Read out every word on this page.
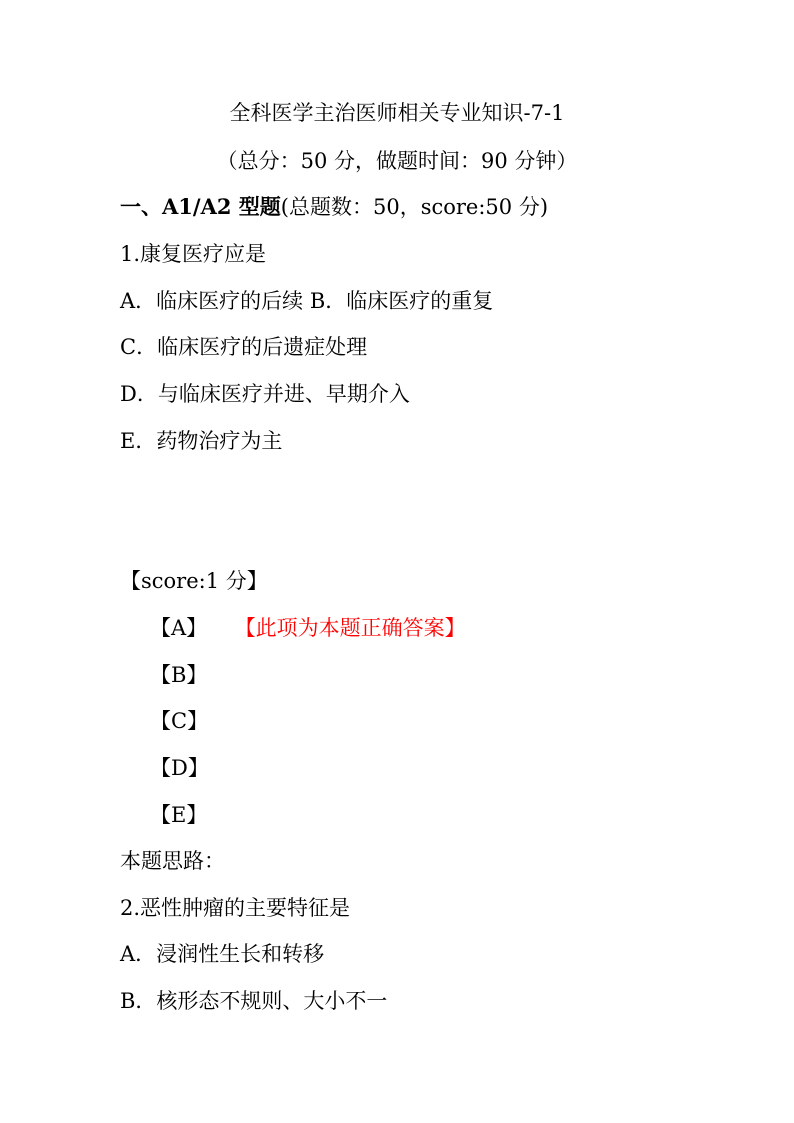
全科医学主治医师相关专业知识-7-1
（总分：50 分，做题时间：90 分钟）
一、A1/A2 型题(总题数：50，score:50 分)
1.康复医疗应是
A．临床医疗的后续 B．临床医疗的重复
C．临床医疗的后遗症处理
D．与临床医疗并进、早期介入
E．药物治疗为主
【score:1 分】
【A】 【此项为本题正确答案】
【B】
【C】
【D】
【E】
本题思路：
2.恶性肿瘤的主要特征是
A．浸润性生长和转移
B．核形态不规则、大小不一
